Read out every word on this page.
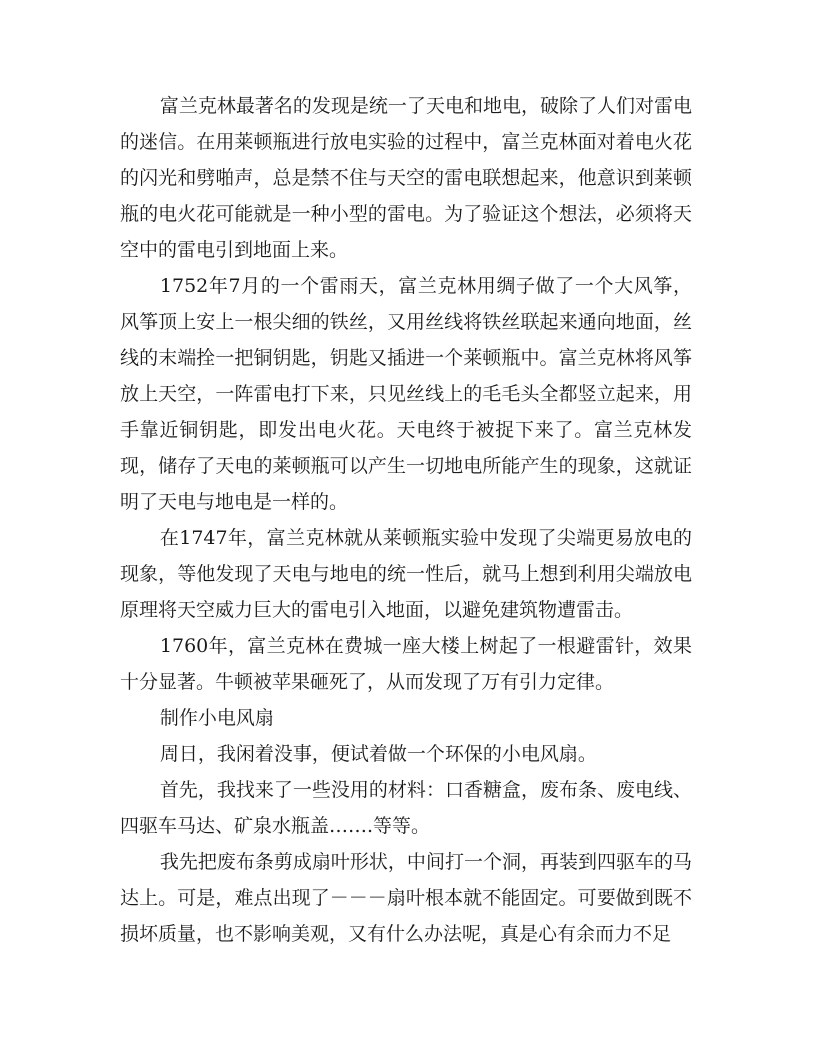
富兰克林最著名的发现是统一了天电和地电，破除了人们对雷电的迷信。在用莱顿瓶进行放电实验的过程中，富兰克林面对着电火花的闪光和劈啪声，总是禁不住与天空的雷电联想起来，他意识到莱顿瓶的电火花可能就是一种小型的雷电。为了验证这个想法，必须将天空中的雷电引到地面上来。

1752年7月的一个雷雨天，富兰克林用绸子做了一个大风筝，风筝顶上安上一根尖细的铁丝，又用丝线将铁丝联起来通向地面，丝线的末端拴一把铜钥匙，钥匙又插进一个莱顿瓶中。富兰克林将风筝放上天空，一阵雷电打下来，只见丝线上的毛毛头全都竖立起来，用手靠近铜钥匙，即发出电火花。天电终于被捉下来了。富兰克林发现，储存了天电的莱顿瓶可以产生一切地电所能产生的现象，这就证明了天电与地电是一样的。

在1747年，富兰克林就从莱顿瓶实验中发现了尖端更易放电的现象，等他发现了天电与地电的统一性后，就马上想到利用尖端放电原理将天空威力巨大的雷电引入地面，以避免建筑物遭雷击。

1760年，富兰克林在费城一座大楼上树起了一根避雷针，效果十分显著。牛顿被苹果砸死了，从而发现了万有引力定律。

制作小电风扇

周日，我闲着没事，便试着做一个环保的小电风扇。

首先，我找来了一些没用的材料：口香糖盒，废布条、废电线、四驱车马达、矿泉水瓶盖…….等等。

我先把废布条剪成扇叶形状，中间打一个洞，再装到四驱车的马达上。可是，难点出现了－－－扇叶根本就不能固定。可要做到既不损坏质量，也不影响美观，又有什么办法呢，真是心有余而力不足
